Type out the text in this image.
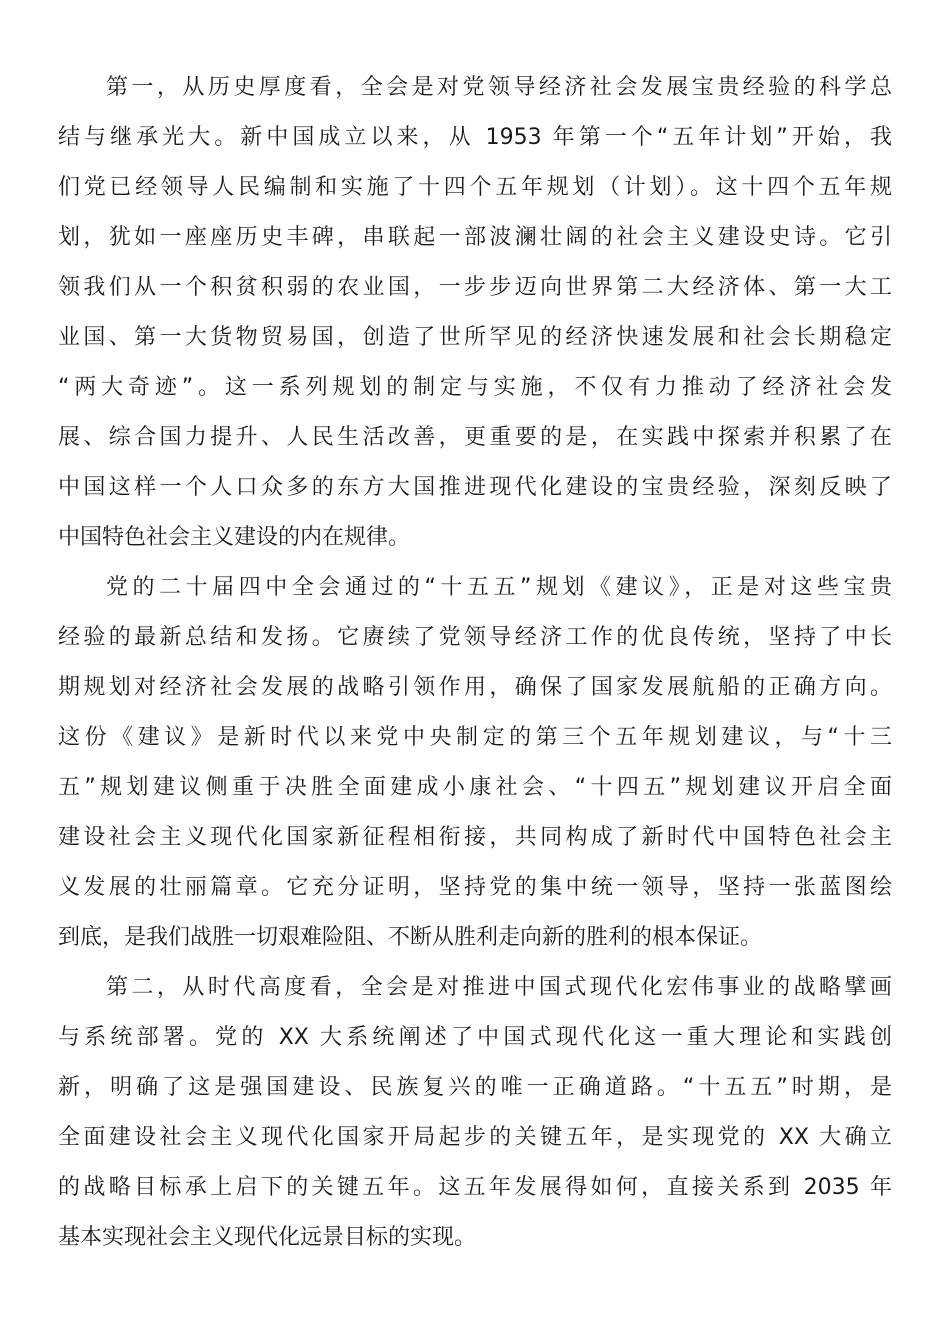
第一，从历史厚度看，全会是对党领导经济社会发展宝贵经验的科学总
结与继承光大。新中国成立以来，从 1953 年第一个“五年计划”开始，我
们党已经领导人民编制和实施了十四个五年规划（计划）。这十四个五年规
划，犹如一座座历史丰碑，串联起一部波澜壮阔的社会主义建设史诗。它引
领我们从一个积贫积弱的农业国，一步步迈向世界第二大经济体、第一大工
业国、第一大货物贸易国，创造了世所罕见的经济快速发展和社会长期稳定
“两大奇迹”。这一系列规划的制定与实施，不仅有力推动了经济社会发
展、综合国力提升、人民生活改善，更重要的是，在实践中探索并积累了在
中国这样一个人口众多的东方大国推进现代化建设的宝贵经验，深刻反映了
中国特色社会主义建设的内在规律。
党的二十届四中全会通过的“十五五”规划《建议》，正是对这些宝贵
经验的最新总结和发扬。它赓续了党领导经济工作的优良传统，坚持了中长
期规划对经济社会发展的战略引领作用，确保了国家发展航船的正确方向。
这份《建议》是新时代以来党中央制定的第三个五年规划建议，与“十三
五”规划建议侧重于决胜全面建成小康社会、“十四五”规划建议开启全面
建设社会主义现代化国家新征程相衔接，共同构成了新时代中国特色社会主
义发展的壮丽篇章。它充分证明，坚持党的集中统一领导，坚持一张蓝图绘
到底，是我们战胜一切艰难险阻、不断从胜利走向新的胜利的根本保证。
第二，从时代高度看，全会是对推进中国式现代化宏伟事业的战略擘画
与系统部署。党的 XX 大系统阐述了中国式现代化这一重大理论和实践创
新，明确了这是强国建设、民族复兴的唯一正确道路。“十五五”时期，是
全面建设社会主义现代化国家开局起步的关键五年，是实现党的 XX 大确立
的战略目标承上启下的关键五年。这五年发展得如何，直接关系到 2035 年
基本实现社会主义现代化远景目标的实现。
